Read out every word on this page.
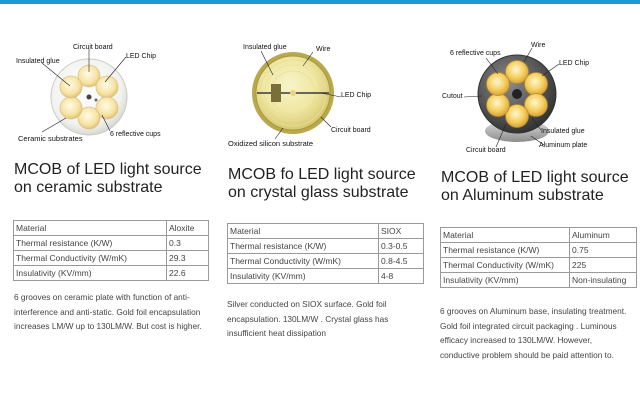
Circuit board
Insulated glue
LED Chip
Ceramic substrates	6 reflective cups
MCOB of LED light source on ceramic substrate
Material	Aloxite
Thermal resistance (K/W)	0.3
Thermal Conductivity (W/mK)	29.3
Insulativity (KV/mm)	22.6

6 grooves on ceramic plate with function of anti-interference and anti-static. Gold foil encapsulation increases LM/W up to 130LM/W. But cost is higher.

Insulated glue	Wire
LED Chip
Circuit board
Oxidized silicon substrate
MCOB fo LED light source on crystal glass substrate
Material	SIOX
Thermal resistance (K/W)	0.3-0.5
Thermal Conductivity (W/mK)	0.8-4.5
Insulativity (KV/mm)	4-8

Silver conducted on SIOX surface. Gold foil encapsulation. 130LM/W . Crystal glass has insufficient heat dissipation

6 reflective cups
Wire
LED Chip
Cutout
Insulated glue
Circuit board
Aluminum plate
MCOB of LED light source on Aluminum substrate
Material	Aluminum
Thermal resistance (K/W)	0.75
Thermal Conductivity (W/mK)	225
Insulativity (KV/mm)	Non-insulating

6 grooves on Aluminum base, insulating treatment. Gold foil integrated circuit packaging . Luminous efficacy increased to 130LM/W. However, conductive problem should be paid attention to.
